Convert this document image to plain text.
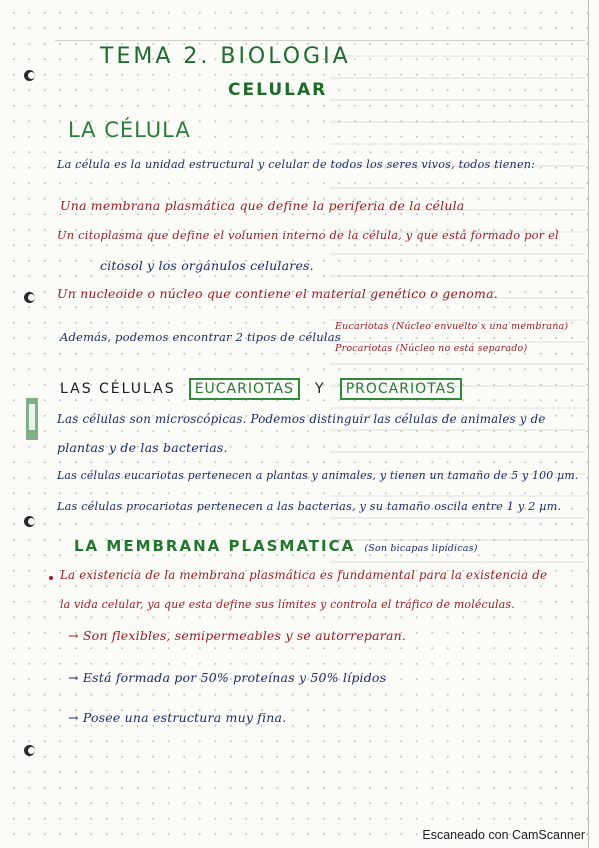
TEMA 2. BIOLOGIA
CELULAR
LA CÉLULA
La célula es la unidad estructural y celular de todos los seres vivos, todos tienen:
Una membrana plasmática que define la periferia de la célula
Un citoplasma que define el volumen interno de la célula, y que está formado por el
citosol y los orgánulos celulares.
Un nucleoide o núcleo que contiene el material genético o genoma.
Además, podemos encontrar 2 tipos de células
Eucariotas (Núcleo envuelto x una membrana)
Procariotas (Núcleo no está separado)
LAS CÉLULAS EUCARIOTAS Y PROCARIOTAS
Las células son microscópicas. Podemos distinguir las células de animales y de
plantas y de las bacterias.
Las células eucariotas pertenecen a plantas y animales, y tienen un tamaño de 5 y 100 µm.
Las células procariotas pertenecen a las bacterias, y su tamaño oscila entre 1 y 2 µm.
LA MEMBRANA PLASMATICA (Son bicapas lipídicas)
La existencia de la membrana plasmática es fundamental para la existencia de
la vida celular, ya que esta define sus límites y controla el tráfico de moléculas.
→ Son flexibles, semipermeables y se autorreparan.
→ Está formada por 50% proteínas y 50% lípidos
→ Posee una estructura muy fina.
Escaneado con CamScanner
